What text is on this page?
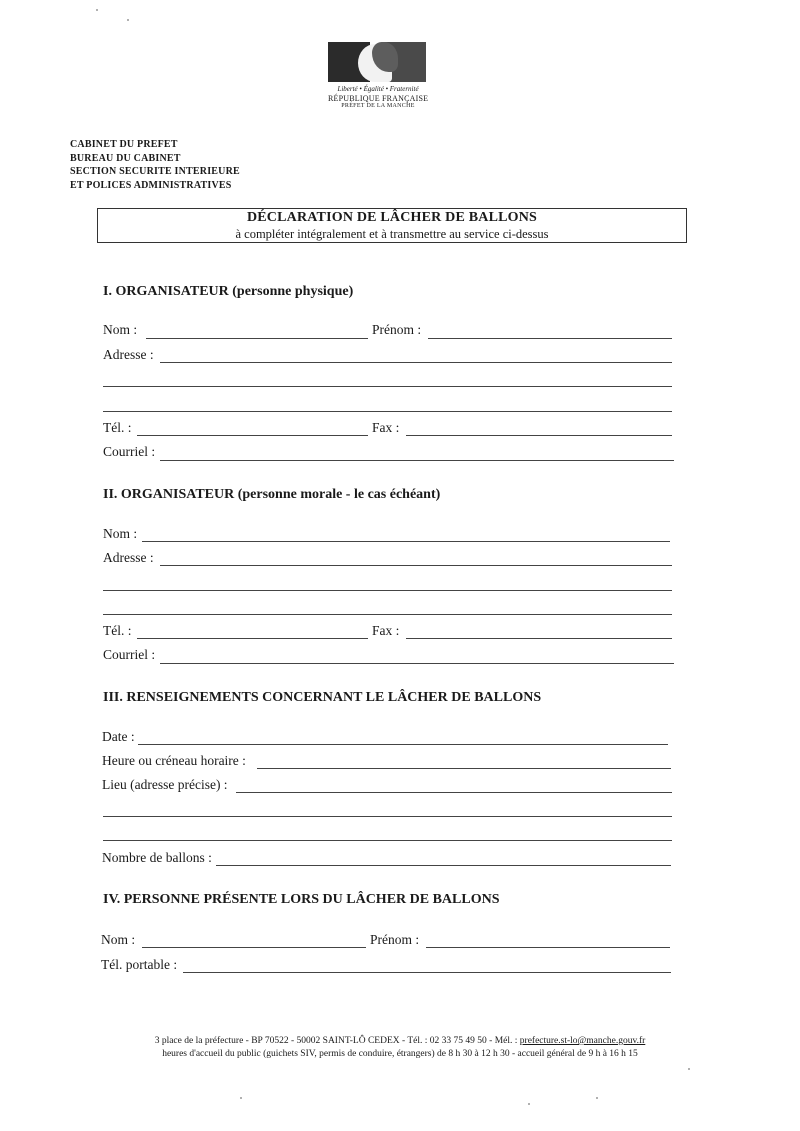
Liberté • Égalité • Fraternité
RÉPUBLIQUE FRANÇAISE
PRÉFET DE LA MANCHE
CABINET DU PREFET
BUREAU DU CABINET
SECTION SECURITE INTERIEURE
ET POLICES ADMINISTRATIVES
DÉCLARATION DE LÂCHER DE BALLONS
à compléter intégralement et à transmettre au service ci-dessus
I. ORGANISATEUR (personne physique)
Nom :	Prénom :
Adresse :
Tél. :	Fax :
Courriel :
II. ORGANISATEUR (personne morale - le cas échéant)
Nom :
Adresse :
Tél. :	Fax :
Courriel :
III. RENSEIGNEMENTS CONCERNANT LE LÂCHER DE BALLONS
Date :
Heure ou créneau horaire :
Lieu (adresse précise) :
Nombre de ballons :
IV. PERSONNE PRÉSENTE LORS DU LÂCHER DE BALLONS
Nom :	Prénom :
Tél. portable :
3 place de la préfecture - BP 70522 - 50002 SAINT-LÔ CEDEX - Tél. : 02 33 75 49 50 - Mél. : prefecture.st-lo@manche.gouv.fr
heures d'accueil du public (guichets SIV, permis de conduire, étrangers) de 8 h 30 à 12 h 30 - accueil général de 9 h à 16 h 15
